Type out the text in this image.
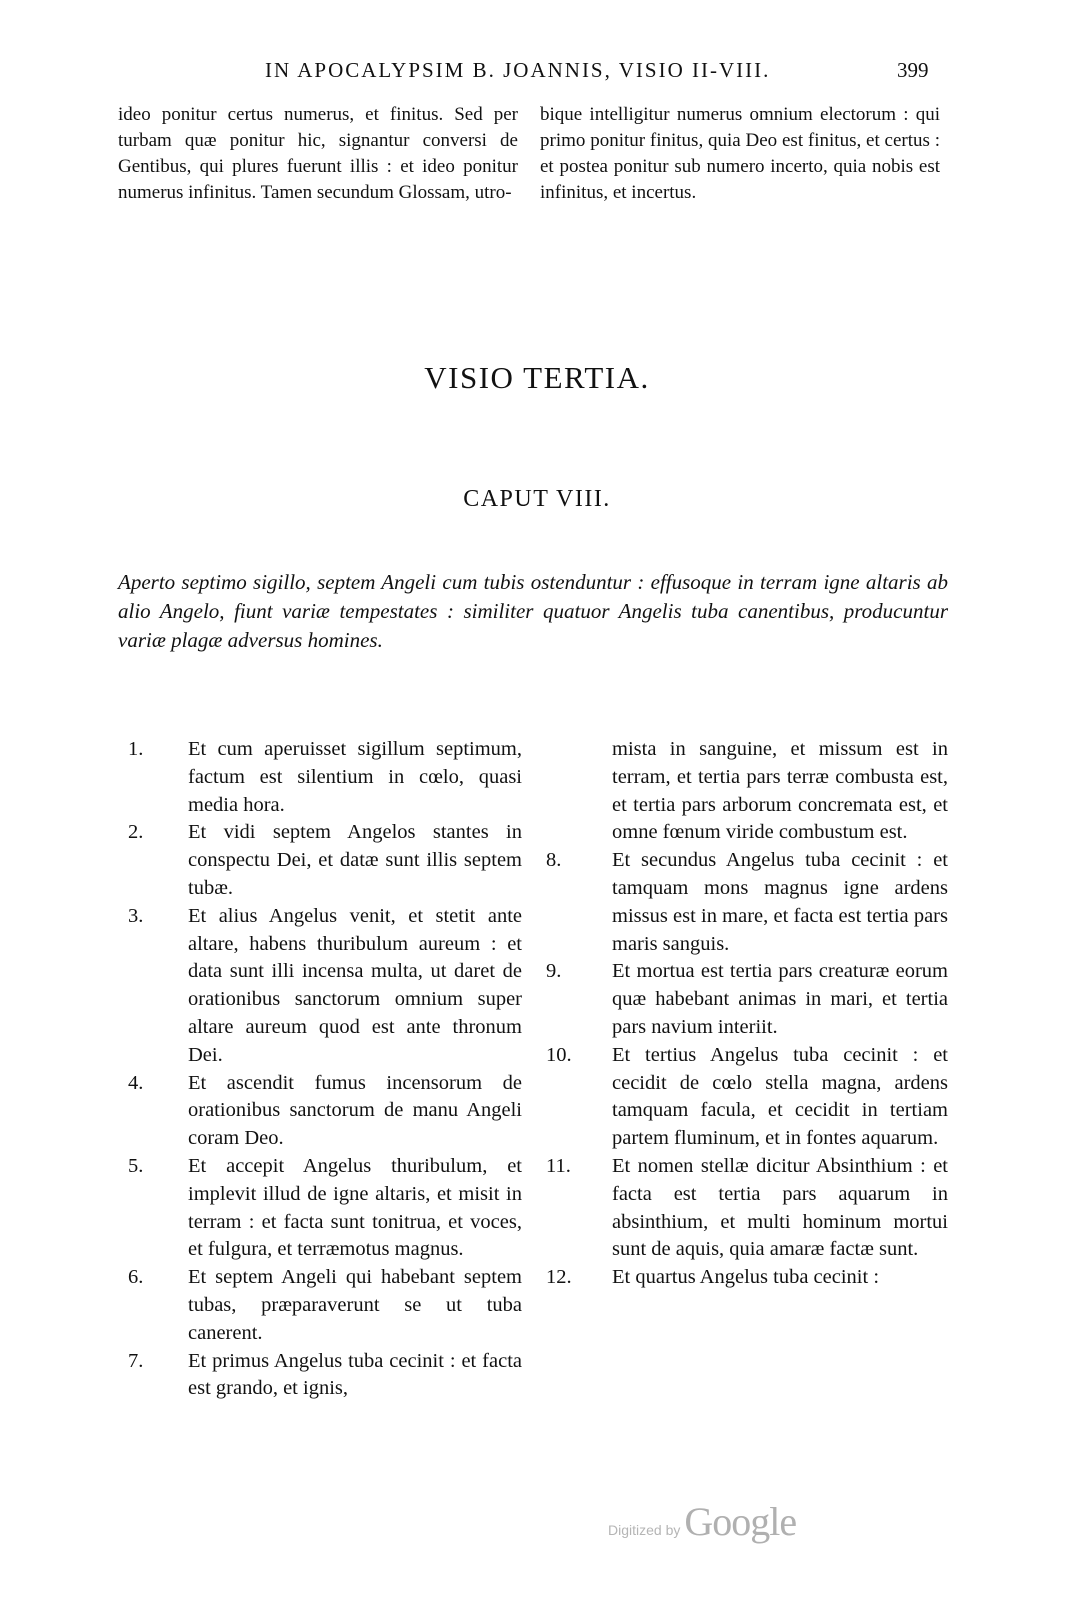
IN APOCALYPSIM B. JOANNIS, VISIO II-VIII.	399

ideo ponitur certus numerus, et finitus. Sed per turbam quæ ponitur hic, signantur conversi de Gentibus, qui plures fuerunt illis : et ideo ponitur numerus infinitus. Tamen secundum Glossam, utro-

bique intelligitur numerus omnium electorum : qui primo ponitur finitus, quia Deo est finitus, et certus : et postea ponitur sub numero incerto, quia nobis est infinitus, et incertus.

VISIO TERTIA.
CAPUT VIII.
Aperto septimo sigillo, septem Angeli cum tubis ostenduntur : effusoque in terram igne altaris ab alio Angelo, fiunt variæ tempestates : similiter quatuor Angelis tuba canentibus, producuntur variæ plagæ adversus homines.
1.	Et cum aperuisset sigillum septimum, factum est silentium in cœlo, quasi media hora.
2.	Et vidi septem Angelos stantes in conspectu Dei, et datæ sunt illis septem tubæ.
3.	Et alius Angelus venit, et stetit ante altare, habens thuribulum aureum : et data sunt illi incensa multa, ut daret de orationibus sanctorum omnium super altare aureum quod est ante thronum Dei.
4.	Et ascendit fumus incensorum de orationibus sanctorum de manu Angeli coram Deo.
5.	Et accepit Angelus thuribulum, et implevit illud de igne altaris, et misit in terram : et facta sunt tonitrua, et voces, et fulgura, et terræmotus magnus.
6.	Et septem Angeli qui habebant septem tubas, præparaverunt se ut tuba canerent.
7.	Et primus Angelus tuba cecinit : et facta est grando, et ignis,
mista in sanguine, et missum est in terram, et tertia pars terræ combusta est, et tertia pars arborum concremata est, et omne fœnum viride combustum est.
8.	Et secundus Angelus tuba cecinit : et tamquam mons magnus igne ardens missus est in mare, et facta est tertia pars maris sanguis.
9.	Et mortua est tertia pars creaturæ eorum quæ habebant animas in mari, et tertia pars navium interiit.
10.	Et tertius Angelus tuba cecinit : et cecidit de cœlo stella magna, ardens tamquam facula, et cecidit in tertiam partem fluminum, et in fontes aquarum.
11.	Et nomen stellæ dicitur Absinthium : et facta est tertia pars aquarum in absinthium, et multi hominum mortui sunt de aquis, quia amaræ factæ sunt.
12.	Et quartus Angelus tuba cecinit :
Digitized by Google
